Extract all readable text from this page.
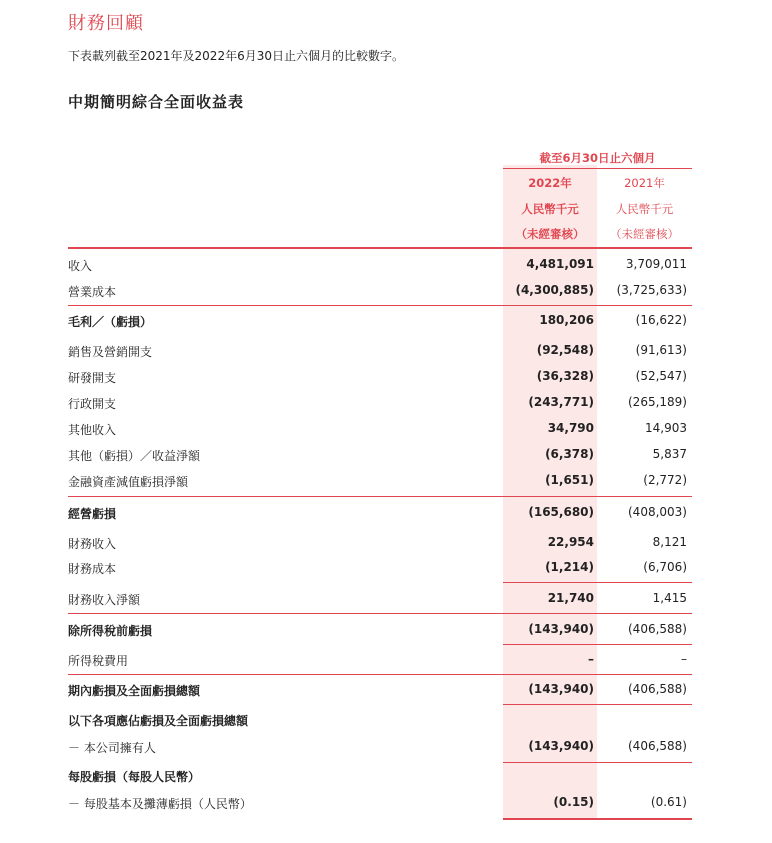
財務回顧
下表載列截至2021年及2022年6月30日止六個月的比較數字。
中期簡明綜合全面收益表
截至6月30日止六個月
2022年	2021年
人民幣千元	人民幣千元
（未經審核）	（未經審核）
收入	4,481,091	3,709,011
營業成本	(4,300,885) (3,725,633)
毛利／（虧損）	180,206	(16,622)
銷售及營銷開支	(92,548)	(91,613)
研發開支	(36,328)	(52,547)
行政開支	(243,771)	(265,189)
其他收入	34,790	14,903
其他（虧損）／收益淨額	(6,378)	5,837
金融資產減值虧損淨額	(1,651)	(2,772)
經營虧損	(165,680)	(408,003)
財務收入	22,954	8,121
財務成本	(1,214)	(6,706)
財務收入淨額	21,740	1,415
除所得稅前虧損	(143,940)	(406,588)
所得稅費用	–	–
期內虧損及全面虧損總額	(143,940)	(406,588)
以下各項應佔虧損及全面虧損總額
－ 本公司擁有人	(143,940)	(406,588)
每股虧損（每股人民幣）
－ 每股基本及攤薄虧損（人民幣）	(0.15)	(0.61)
